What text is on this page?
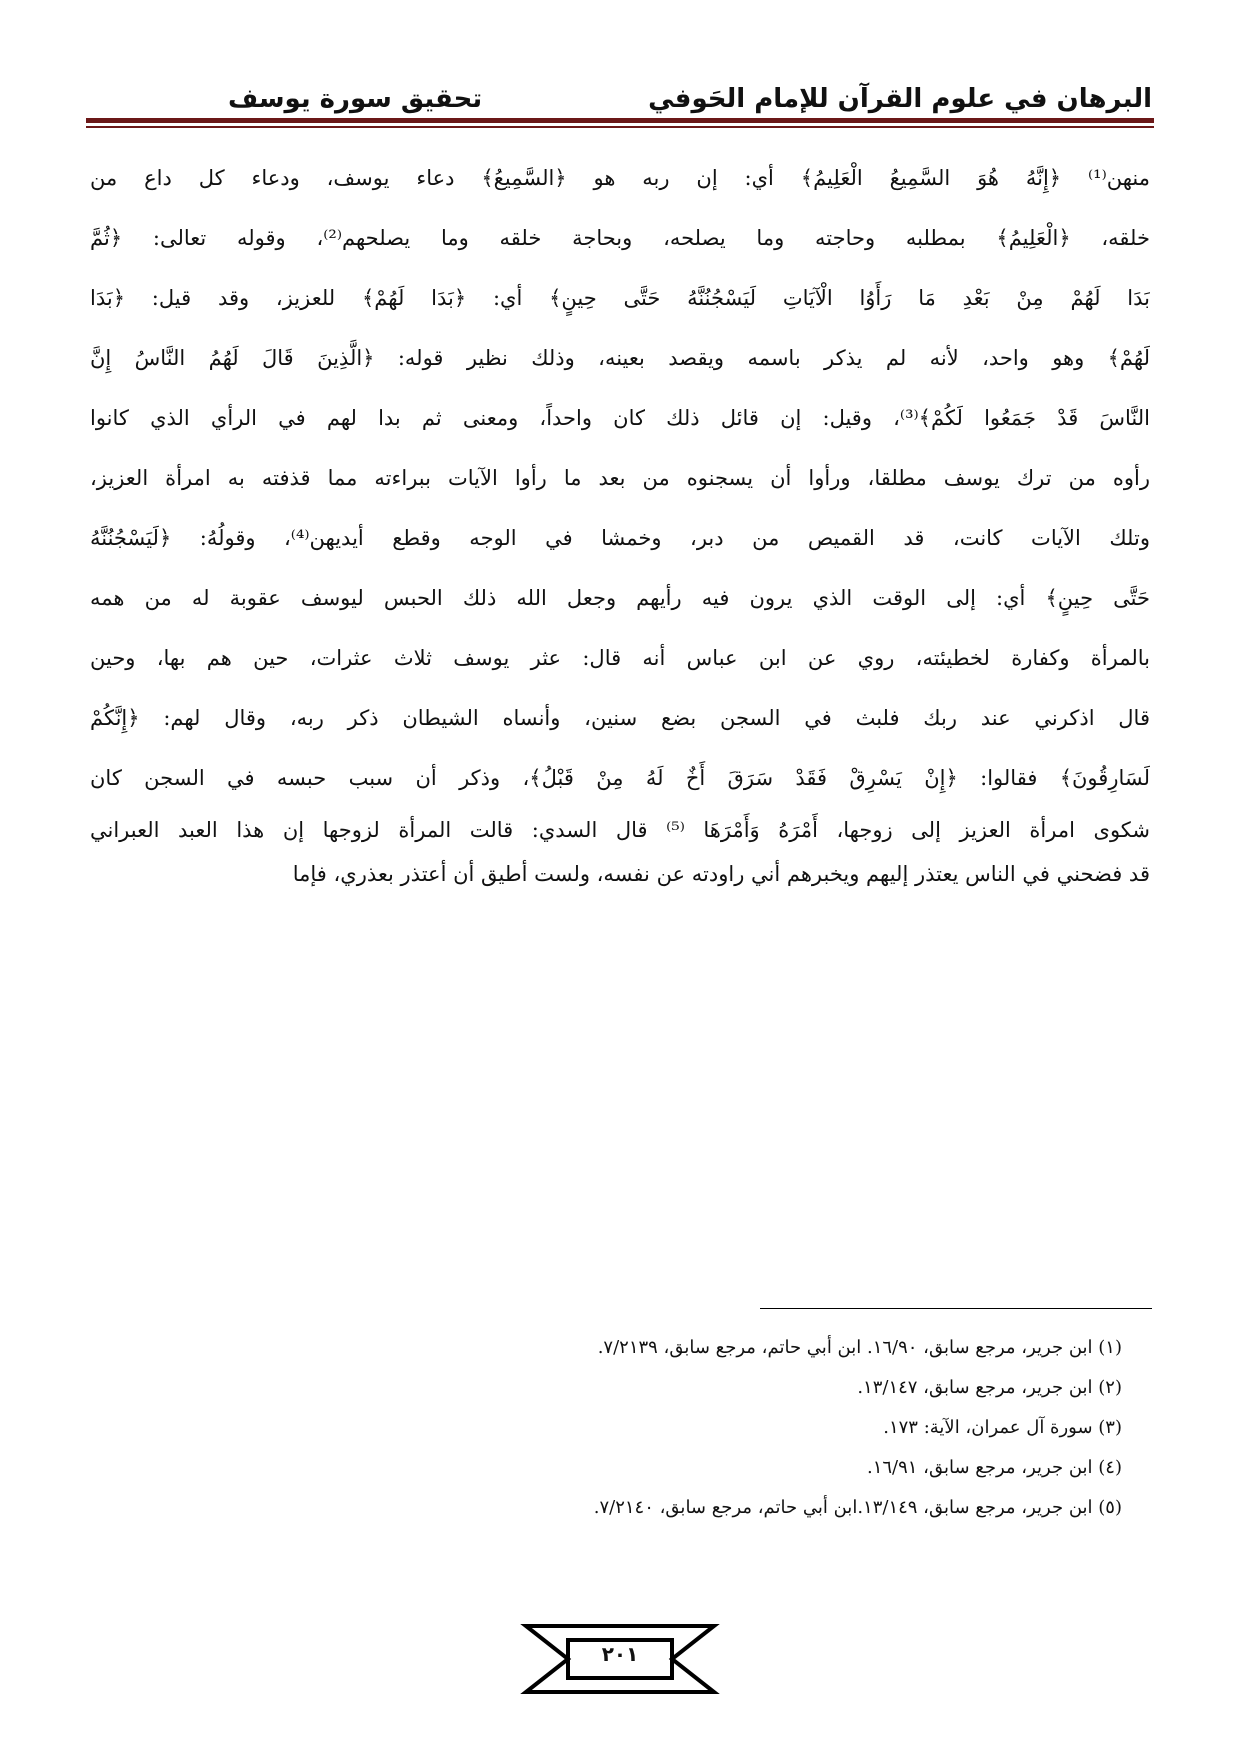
البرهان في علوم القرآن للإمام الحَوفي
تحقيق سورة يوسف
منهن⁽¹⁾ ﴿إِنَّهُ هُوَ السَّمِيعُ الْعَلِيمُ﴾ أي: إن ربه هو ﴿السَّمِيعُ﴾ دعاء يوسف، ودعاء كل داع من
خلقه، ﴿الْعَلِيمُ﴾ بمطلبه وحاجته وما يصلحه، وبحاجة خلقه وما يصلحهم⁽²⁾، وقوله تعالى: ﴿ثُمَّ
بَدَا لَهُمْ مِنْ بَعْدِ مَا رَأَوُا الْآيَاتِ لَيَسْجُنُنَّهُ حَتَّى حِينٍ﴾ أي: ﴿بَدَا لَهُمْ﴾ للعزيز، وقد قيل: ﴿بَدَا
لَهُمْ﴾ وهو واحد، لأنه لم يذكر باسمه ويقصد بعينه، وذلك نظير قوله: ﴿الَّذِينَ قَالَ لَهُمُ النَّاسُ إِنَّ
النَّاسَ قَدْ جَمَعُوا لَكُمْ﴾⁽³⁾، وقيل: إن قائل ذلك كان واحداً، ومعنى ثم بدا لهم في الرأي الذي كانوا
رأوه من ترك يوسف مطلقا، ورأوا أن يسجنوه من بعد ما رأوا الآيات ببراءته مما قذفته به امرأة العزيز،
وتلك الآيات كانت، قد القميص من دبر، وخمشا في الوجه وقطع أيديهن⁽⁴⁾، وقولُهُ: ﴿لَيَسْجُنُنَّهُ
حَتَّى حِينٍ﴾ أي: إلى الوقت الذي يرون فيه رأيهم وجعل الله ذلك الحبس ليوسف عقوبة له من همه
بالمرأة وكفارة لخطيئته، روي عن ابن عباس أنه قال: عثر يوسف ثلاث عثرات، حين هم بها، وحين
قال اذكرني عند ربك فلبث في السجن بضع سنين، وأنساه الشيطان ذكر ربه، وقال لهم: ﴿إِنَّكُمْ
لَسَارِقُونَ﴾ فقالوا: ﴿إِنْ يَسْرِقْ فَقَدْ سَرَقَ أَخٌ لَهُ مِنْ قَبْلُ﴾، وذكر أن سبب حبسه في السجن كان
شكوى امرأة العزيز إلى زوجها، أَمْرَهُ وَأَمْرَهَا ⁽⁵⁾ قال السدي: قالت المرأة لزوجها إن هذا العبد العبراني
قد فضحني في الناس يعتذر إليهم ويخبرهم أني راودته عن نفسه، ولست أطيق أن أعتذر بعذري، فإما
(١) ابن جرير، مرجع سابق، ١٦/٩٠. ابن أبي حاتم، مرجع سابق، ٧/٢١٣٩.
(٢) ابن جرير، مرجع سابق، ١٣/١٤٧.
(٣) سورة آل عمران، الآية: ١٧٣.
(٤) ابن جرير، مرجع سابق، ١٦/٩١.
(٥) ابن جرير، مرجع سابق، ١٣/١٤٩.ابن أبي حاتم، مرجع سابق، ٧/٢١٤٠.
٢٠١
